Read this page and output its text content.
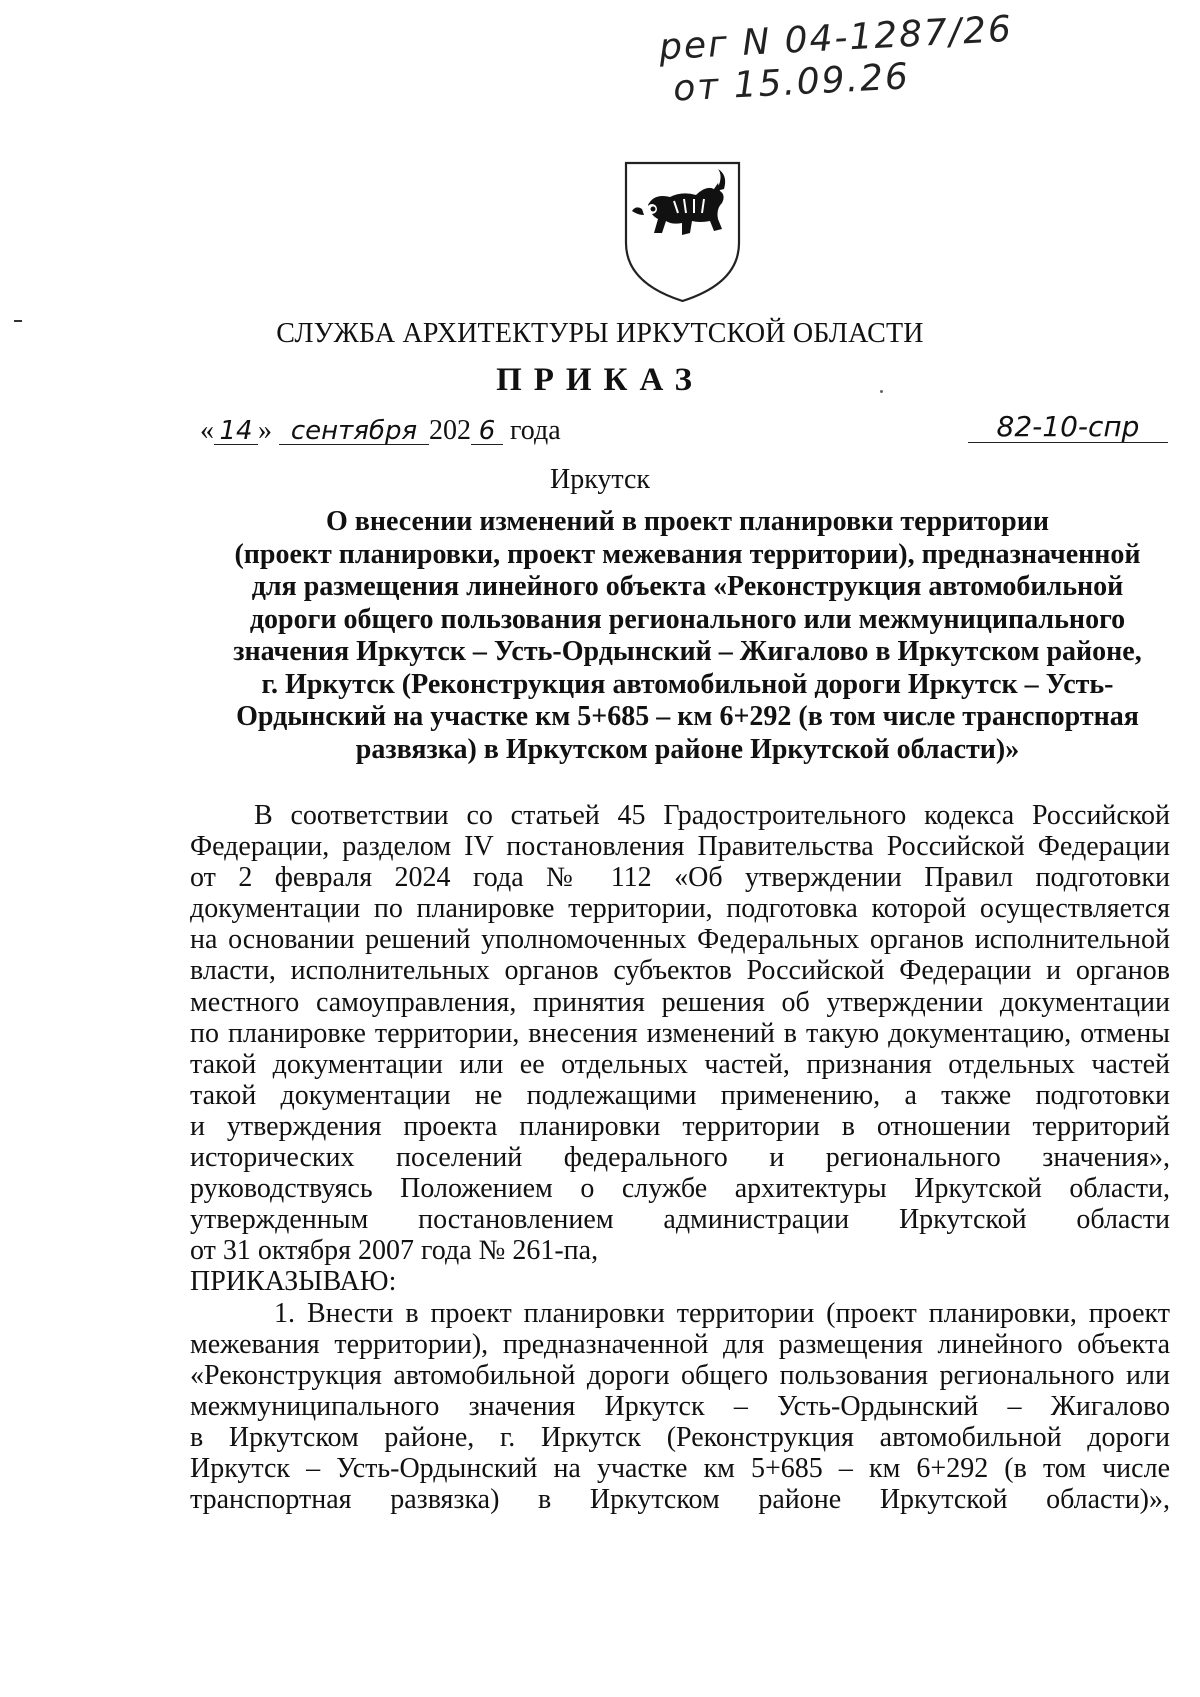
рег N 04-1287/26
от 15.09.26
СЛУЖБА АРХИТЕКТУРЫ ИРКУТСКОЙ ОБЛАСТИ
ПРИКАЗ
« 14 » сентября 202 6 года	82-10-спр
Иркутск
О внесении изменений в проект планировки территории
(проект планировки, проект межевания территории), предназначенной
для размещения линейного объекта «Реконструкция автомобильной
дороги общего пользования регионального или межмуниципального
значения Иркутск – Усть-Ордынский – Жигалово в Иркутском районе,
г. Иркутск (Реконструкция автомобильной дороги Иркутск – Усть-
Ордынский на участке км 5+685 – км 6+292 (в том числе транспортная
развязка) в Иркутском районе Иркутской области)»
В соответствии со статьей 45 Градостроительного кодекса Российской
Федерации, разделом IV постановления Правительства Российской Федерации
от 2 февраля 2024 года № 112 «Об утверждении Правил подготовки
документации по планировке территории, подготовка которой осуществляется
на основании решений уполномоченных Федеральных органов исполнительной
власти, исполнительных органов субъектов Российской Федерации и органов
местного самоуправления, принятия решения об утверждении документации
по планировке территории, внесения изменений в такую документацию, отмены
такой документации или ее отдельных частей, признания отдельных частей
такой документации не подлежащими применению, а также подготовки
и утверждения проекта планировки территории в отношении территорий
исторических поселений федерального и регионального значения»,
руководствуясь Положением о службе архитектуры Иркутской области,
утвержденным постановлением администрации Иркутской области
от 31 октября 2007 года № 261-па,
ПРИКАЗЫВАЮ:
1. Внести в проект планировки территории (проект планировки, проект
межевания территории), предназначенной для размещения линейного объекта
«Реконструкция автомобильной дороги общего пользования регионального или
межмуниципального значения Иркутск – Усть-Ордынский – Жигалово
в Иркутском районе, г. Иркутск (Реконструкция автомобильной дороги
Иркутск – Усть-Ордынский на участке км 5+685 – км 6+292 (в том числе
транспортная развязка) в Иркутском районе Иркутской области)»,
